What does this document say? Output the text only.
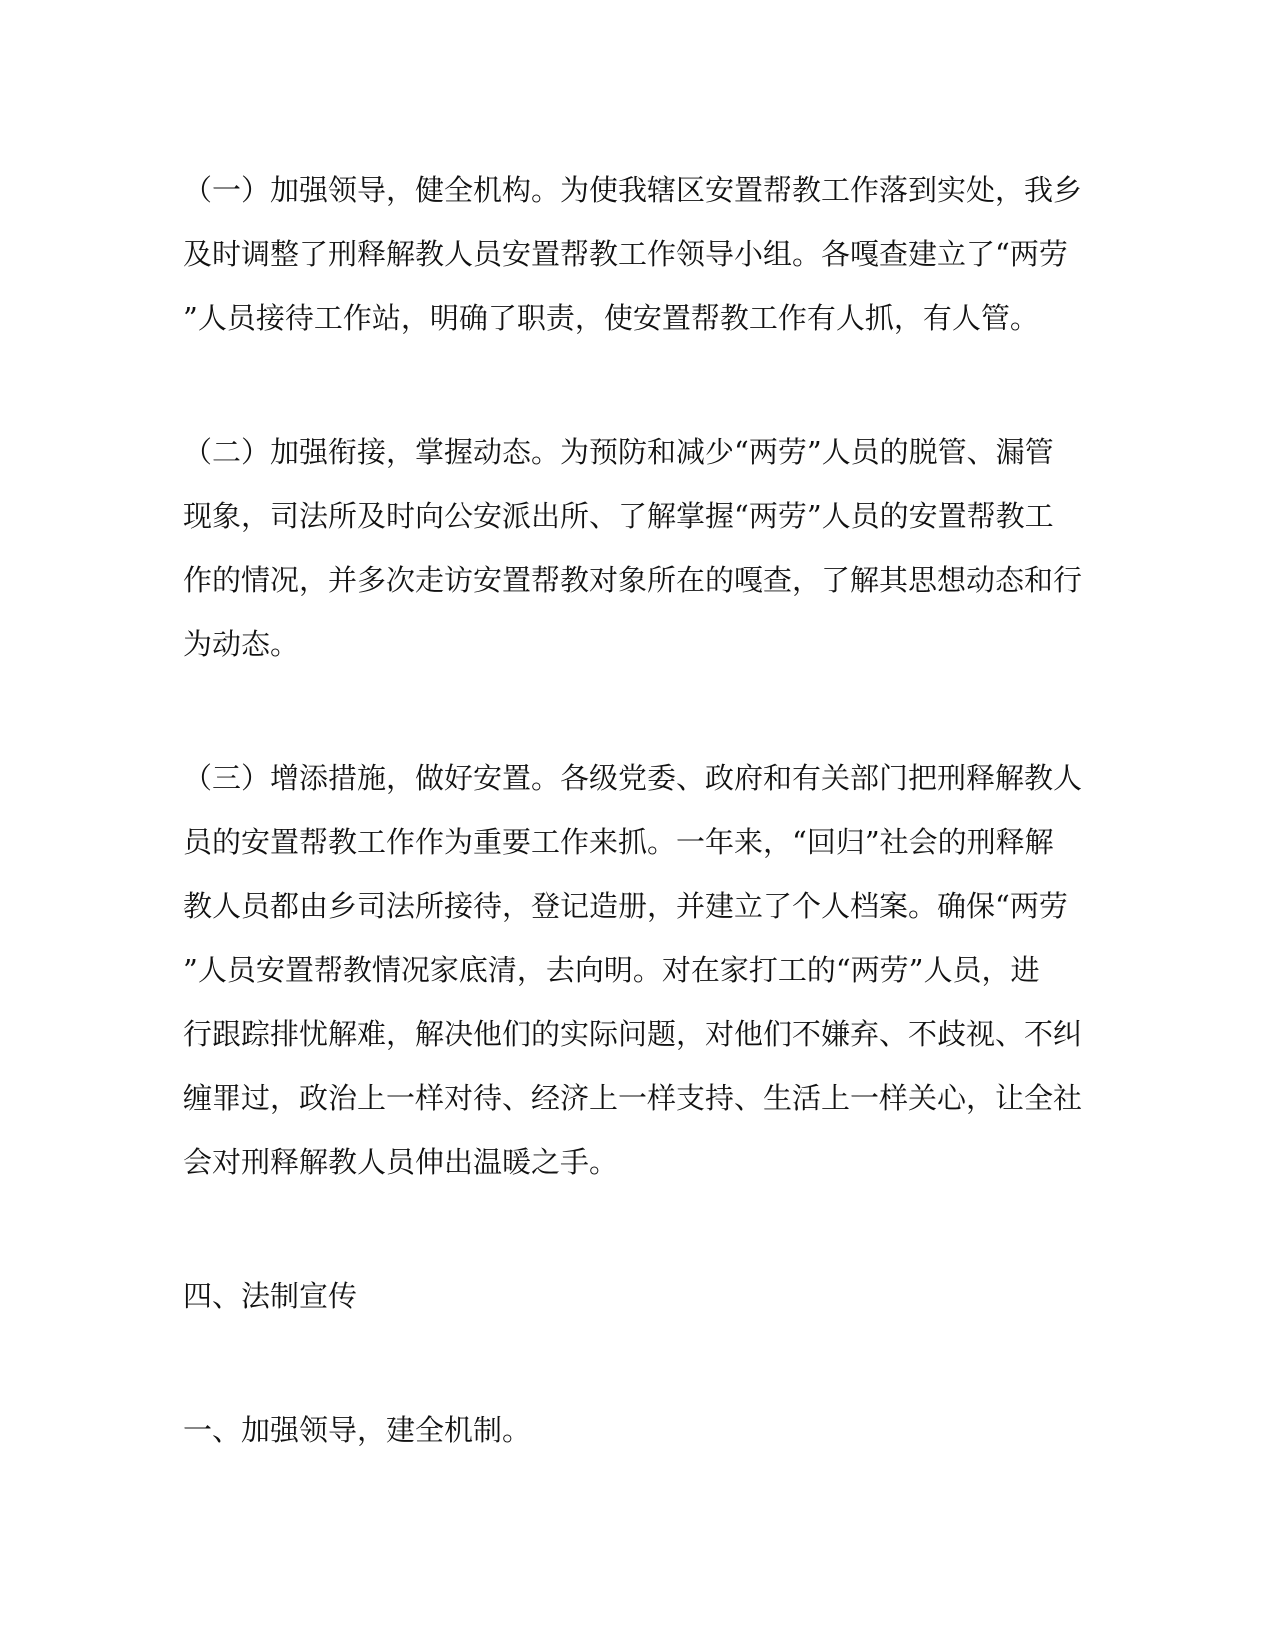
（一）加强领导，健全机构。为使我辖区安置帮教工作落到实处，我乡
及时调整了刑释解教人员安置帮教工作领导小组。各嘎查建立了“两劳
”人员接待工作站，明确了职责，使安置帮教工作有人抓，有人管。

（二）加强衔接，掌握动态。为预防和减少“两劳”人员的脱管、漏管
现象，司法所及时向公安派出所、了解掌握“两劳”人员的安置帮教工
作的情况，并多次走访安置帮教对象所在的嘎查，了解其思想动态和行
为动态。

（三）增添措施，做好安置。各级党委、政府和有关部门把刑释解教人
员的安置帮教工作作为重要工作来抓。一年来，“回归”社会的刑释解
教人员都由乡司法所接待，登记造册，并建立了个人档案。确保“两劳
”人员安置帮教情况家底清，去向明。对在家打工的“两劳”人员，进
行跟踪排忧解难，解决他们的实际问题，对他们不嫌弃、不歧视、不纠
缠罪过，政治上一样对待、经济上一样支持、生活上一样关心，让全社
会对刑释解教人员伸出温暖之手。

四、法制宣传

一、加强领导，建全机制。
